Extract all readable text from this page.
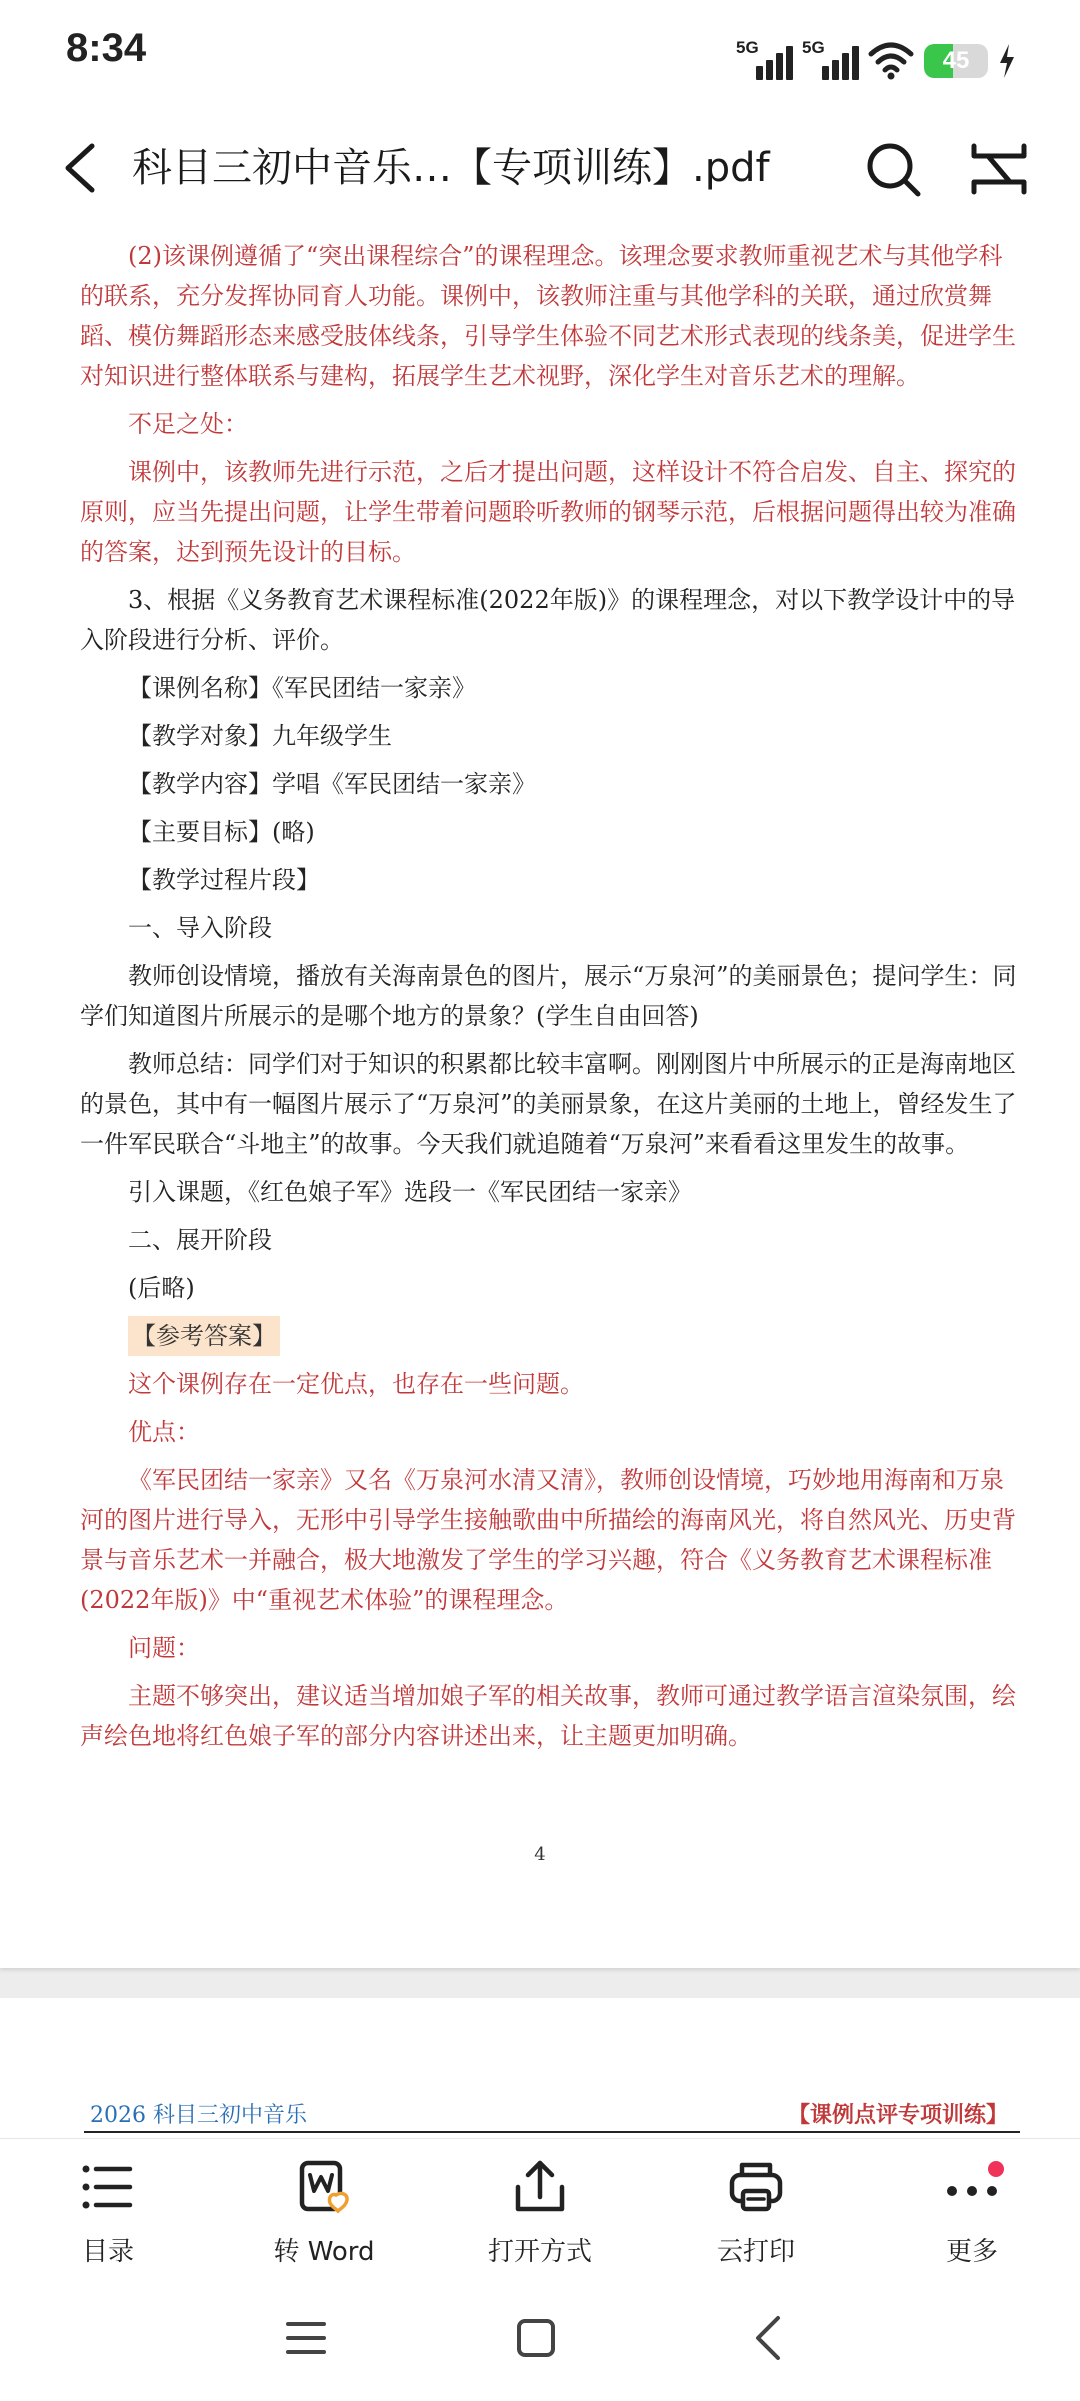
8:34	5G	5G	45
科目三初中音乐…【专项训练】.pdf

(2)该课例遵循了“突出课程综合”的课程理念。该理念要求教师重视艺术与其他学科的联系，充分发挥协同育人功能。课例中，该教师注重与其他学科的关联，通过欣赏舞蹈、模仿舞蹈形态来感受肢体线条，引导学生体验不同艺术形式表现的线条美，促进学生对知识进行整体联系与建构，拓展学生艺术视野，深化学生对音乐艺术的理解。

不足之处：

课例中，该教师先进行示范，之后才提出问题，这样设计不符合启发、自主、探究的原则，应当先提出问题，让学生带着问题聆听教师的钢琴示范，后根据问题得出较为准确的答案，达到预先设计的目标。

3、根据《义务教育艺术课程标准(2022年版)》的课程理念，对以下教学设计中的导入阶段进行分析、评价。

【课例名称】《军民团结一家亲》

【教学对象】九年级学生

【教学内容】学唱《军民团结一家亲》

【主要目标】(略)

【教学过程片段】

一、导入阶段

教师创设情境，播放有关海南景色的图片，展示“万泉河”的美丽景色；提问学生：同学们知道图片所展示的是哪个地方的景象？(学生自由回答)

教师总结：同学们对于知识的积累都比较丰富啊。刚刚图片中所展示的正是海南地区的景色，其中有一幅图片展示了“万泉河”的美丽景象，在这片美丽的土地上，曾经发生了一件军民联合“斗地主”的故事。今天我们就追随着“万泉河”来看看这里发生的故事。

引入课题，《红色娘子军》选段一《军民团结一家亲》

二、展开阶段

(后略)

【参考答案】

这个课例存在一定优点，也存在一些问题。

优点：

《军民团结一家亲》又名《万泉河水清又清》，教师创设情境，巧妙地用海南和万泉河的图片进行导入，无形中引导学生接触歌曲中所描绘的海南风光，将自然风光、历史背景与音乐艺术一并融合，极大地激发了学生的学习兴趣，符合《义务教育艺术课程标准(2022年版)》中“重视艺术体验”的课程理念。

问题：

主题不够突出，建议适当增加娘子军的相关故事，教师可通过教学语言渲染氛围，绘声绘色地将红色娘子军的部分内容讲述出来，让主题更加明确。

4
2026 科目三初中音乐	【课例点评专项训练】
目录	转 Word	打开方式	云打印	更多
